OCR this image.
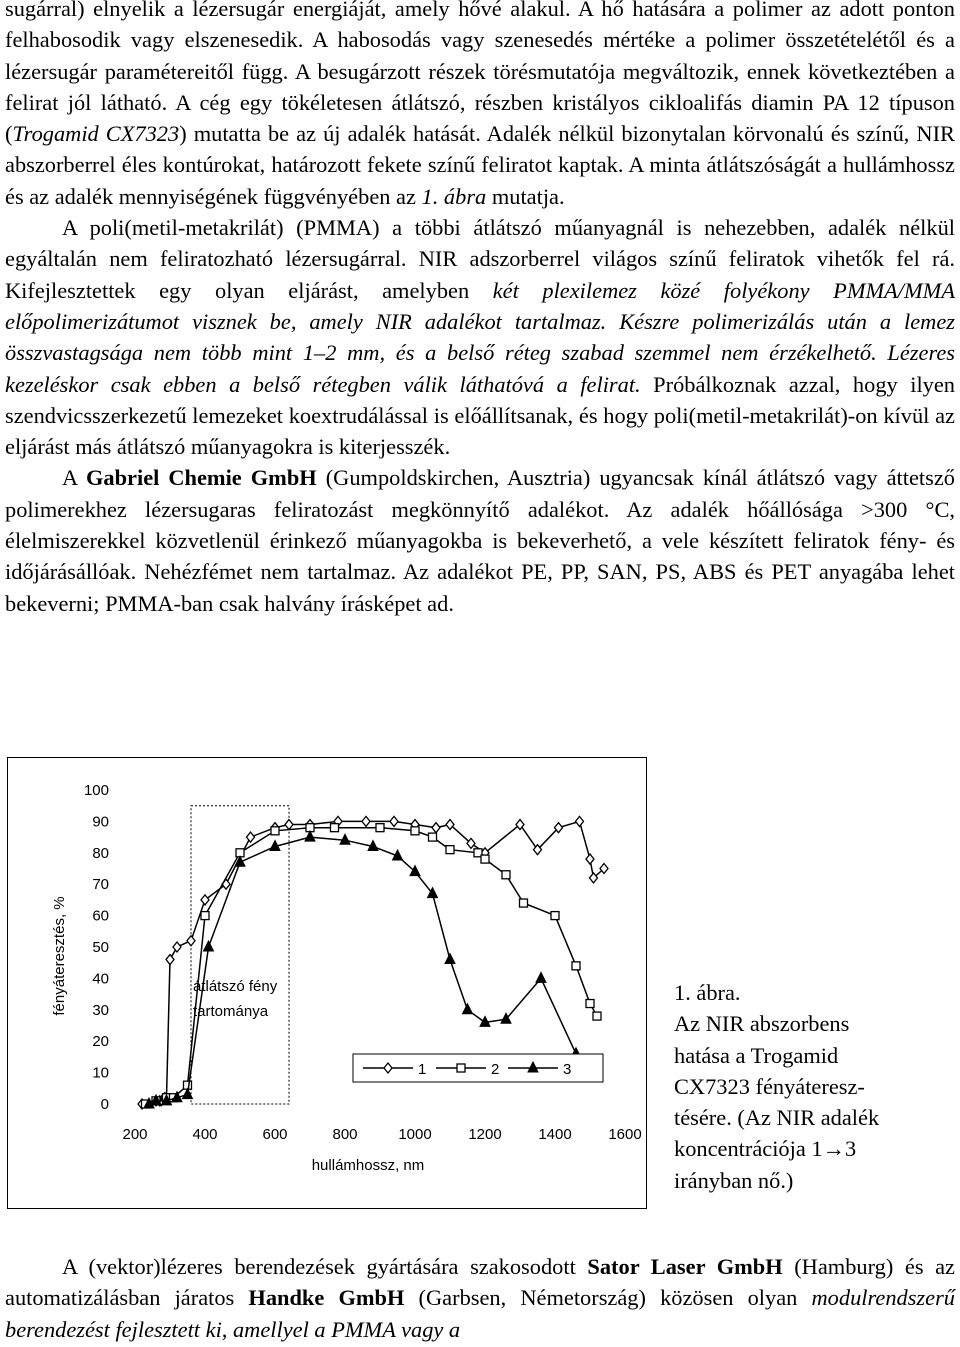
sugárral) elnyelik a lézersugár energiáját, amely hővé alakul. A hő hatására a polimer az adott ponton felhabosodik vagy elszenesedik. A habosodás vagy szenesedés mértéke a polimer összetételétől és a lézersugár paramétereitől függ. A besugárzott részek törésmutatója megváltozik, ennek következtében a felirat jól látható. A cég egy tökéletesen átlátszó, részben kristályos cikloalifás diamin PA 12 típuson (Trogamid CX7323) mutatta be az új adalék hatását. Adalék nélkül bizonytalan körvonalú és színű, NIR abszorberrel éles kontúrokat, határozott fekete színű feliratot kaptak. A minta átlátszóságát a hullámhossz és az adalék mennyiségének függvényében az 1. ábra mutatja.

A poli(metil-metakrilát) (PMMA) a többi átlátszó műanyagnál is nehezebben, adalék nélkül egyáltalán nem feliratozható lézersugárral. NIR adszorberrel világos színű feliratok vihetők fel rá. Kifejlesztettek egy olyan eljárást, amelyben két plexilemez közé folyékony PMMA/MMA előpolimerizátumot visznek be, amely NIR adalékot tartalmaz. Készre polimerizálás után a lemez összvastagsága nem több mint 1–2 mm, és a belső réteg szabad szemmel nem érzékelhető. Lézeres kezeléskor csak ebben a belső rétegben válik láthatóvá a felirat. Próbálkoznak azzal, hogy ilyen szendvicsszerkezetű lemezeket koextrudálással is előállítsanak, és hogy poli(metil-metakrilát)-on kívül az eljárást más átlátszó műanyagokra is kiterjesszék.

A Gabriel Chemie GmbH (Gumpoldskirchen, Ausztria) ugyancsak kínál átlátszó vagy áttetsző polimerekhez lézersugaras feliratozást megkönnyítő adalékot. Az adalék hőállósága >300 °C, élelmiszerekkel közvetlenül érinkező műanyagokba is bekeverhető, a vele készített feliratok fény- és időjárásállóak. Nehézfémet nem tartalmaz. Az adalékot PE, PP, SAN, PS, ABS és PET anyagába lehet bekeverni; PMMA-ban csak halvány írásképet ad.

fényáteresztés, %
hullámhossz, nm
0
10
20
30
40
50
60
70
80
90
100
200	400	600	800	1000 1200 1400 1600
átlátszó fény
tartománya
1	2	3
1. ábra.
Az NIR abszorbens
hatása a Trogamid
CX7323 fényáteresz-
tésére. (Az NIR adalék
koncentrációja 1→3
irányban nő.)

A (vektor)lézeres berendezések gyártására szakosodott Sator Laser GmbH (Hamburg) és az automatizálásban járatos Handke GmbH (Garbsen, Németország) közösen olyan modulrendszerű berendezést fejlesztett ki, amellyel a PMMA vagy a
